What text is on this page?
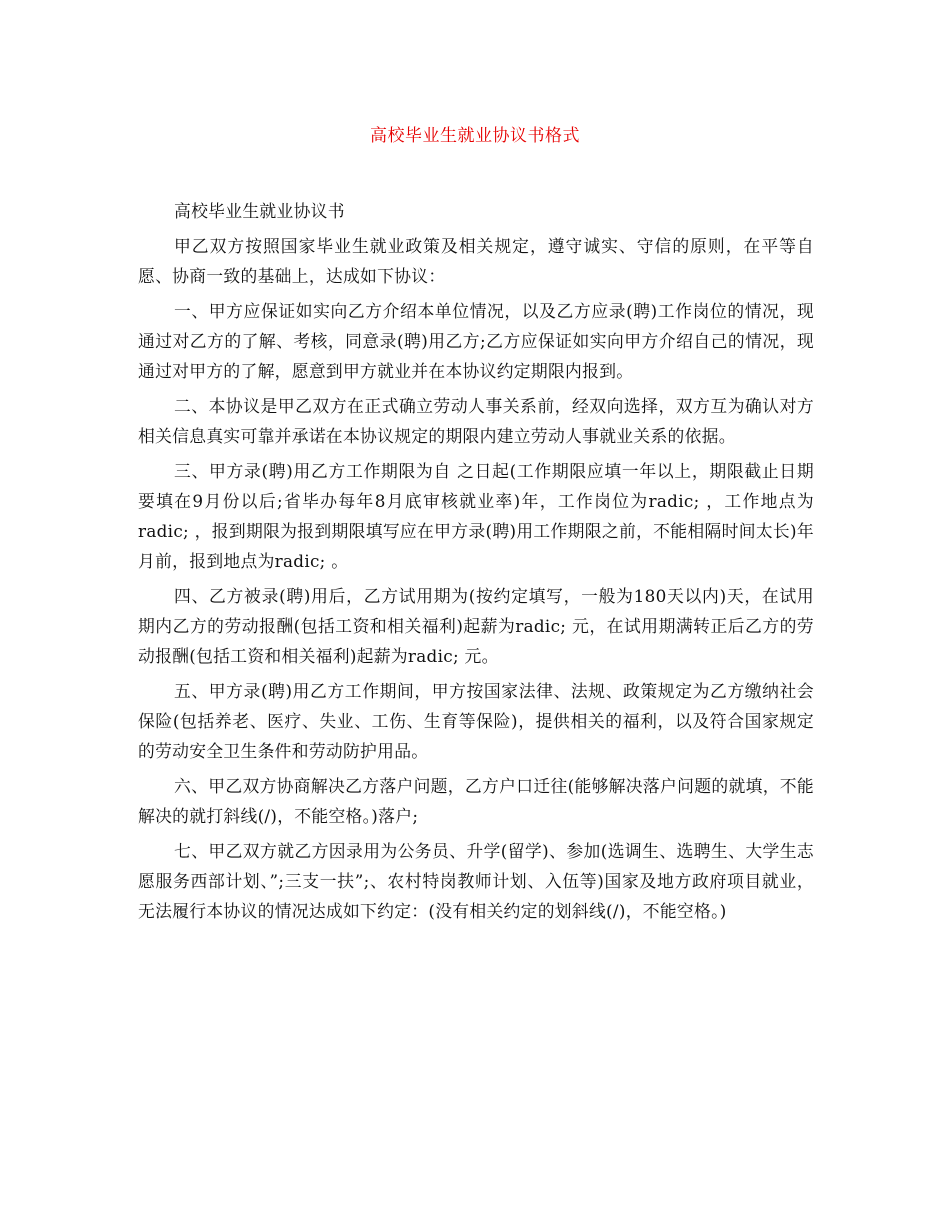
高校毕业生就业协议书格式

高校毕业生就业协议书

甲乙双方按照国家毕业生就业政策及相关规定，遵守诚实、守信的原则，在平等自愿、协商一致的基础上，达成如下协议：

一、甲方应保证如实向乙方介绍本单位情况，以及乙方应录(聘)工作岗位的情况，现通过对乙方的了解、考核，同意录(聘)用乙方;乙方应保证如实向甲方介绍自己的情况，现通过对甲方的了解，愿意到甲方就业并在本协议约定期限内报到。

二、本协议是甲乙双方在正式确立劳动人事关系前，经双向选择，双方互为确认对方相关信息真实可靠并承诺在本协议规定的期限内建立劳动人事就业关系的依据。

三、甲方录(聘)用乙方工作期限为自 之日起(工作期限应填一年以上，期限截止日期要填在9月份以后;省毕办每年8月底审核就业率)年，工作岗位为radic; ，工作地点为radic; ，报到期限为报到期限填写应在甲方录(聘)用工作期限之前，不能相隔时间太长)年 月前，报到地点为radic; 。

四、乙方被录(聘)用后，乙方试用期为(按约定填写，一般为180天以内)天，在试用期内乙方的劳动报酬(包括工资和相关福利)起薪为radic; 元，在试用期满转正后乙方的劳动报酬(包括工资和相关福利)起薪为radic; 元。

五、甲方录(聘)用乙方工作期间，甲方按国家法律、法规、政策规定为乙方缴纳社会保险(包括养老、医疗、失业、工伤、生育等保险)，提供相关的福利，以及符合国家规定的劳动安全卫生条件和劳动防护用品。

六、甲乙双方协商解决乙方落户问题，乙方户口迁往(能够解决落户问题的就填，不能解决的就打斜线(/)，不能空格。)落户;

七、甲乙双方就乙方因录用为公务员、升学(留学)、参加(选调生、选聘生、大学生志愿服务西部计划、”;三支一扶”;、农村特岗教师计划、入伍等)国家及地方政府项目就业，无法履行本协议的情况达成如下约定：(没有相关约定的划斜线(/)，不能空格。)
